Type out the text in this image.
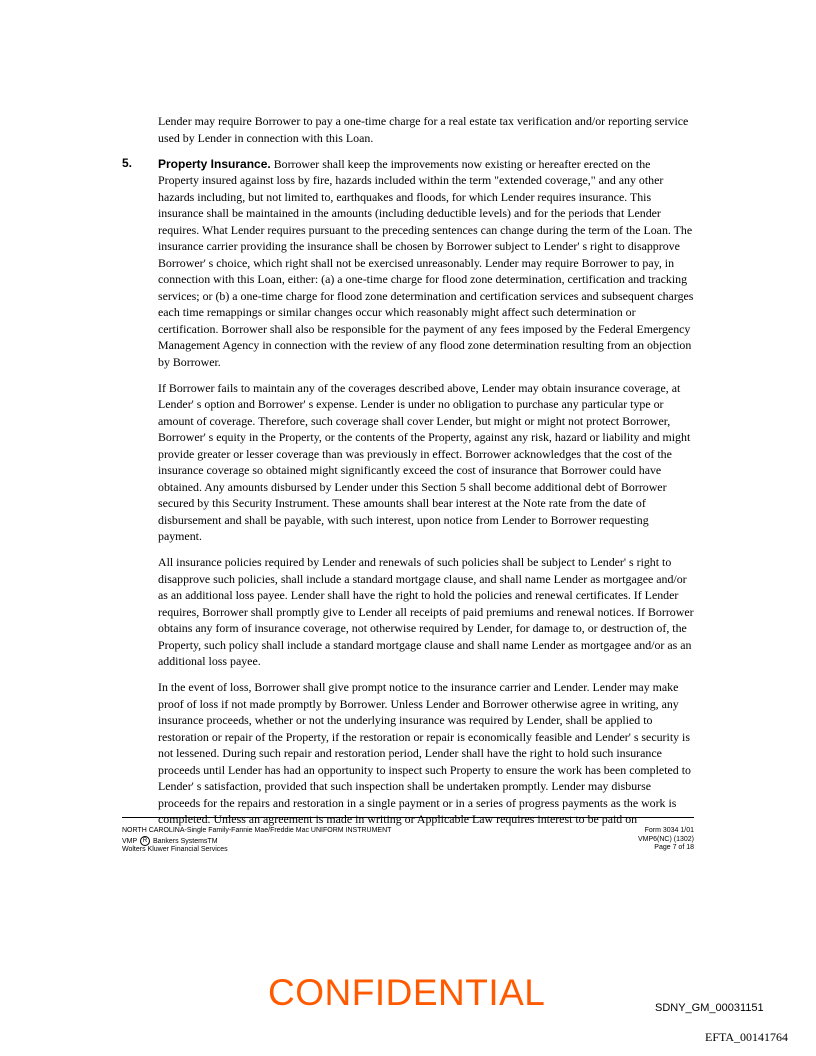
Lender may require Borrower to pay a one-time charge for a real estate tax verification and/or reporting service used by Lender in connection with this Loan.

5. Property Insurance. Borrower shall keep the improvements now existing or hereafter erected on the Property insured against loss by fire, hazards included within the term "extended coverage," and any other hazards including, but not limited to, earthquakes and floods, for which Lender requires insurance. This insurance shall be maintained in the amounts (including deductible levels) and for the periods that Lender requires. What Lender requires pursuant to the preceding sentences can change during the term of the Loan. The insurance carrier providing the insurance shall be chosen by Borrower subject to Lender' s right to disapprove Borrower' s choice, which right shall not be exercised unreasonably. Lender may require Borrower to pay, in connection with this Loan, either: (a) a one-time charge for flood zone determination, certification and tracking services; or (b) a one-time charge for flood zone determination and certification services and subsequent charges each time remappings or similar changes occur which reasonably might affect such determination or certification. Borrower shall also be responsible for the payment of any fees imposed by the Federal Emergency Management Agency in connection with the review of any flood zone determination resulting from an objection by Borrower.

If Borrower fails to maintain any of the coverages described above, Lender may obtain insurance coverage, at Lender' s option and Borrower' s expense. Lender is under no obligation to purchase any particular type or amount of coverage. Therefore, such coverage shall cover Lender, but might or might not protect Borrower, Borrower' s equity in the Property, or the contents of the Property, against any risk, hazard or liability and might provide greater or lesser coverage than was previously in effect. Borrower acknowledges that the cost of the insurance coverage so obtained might significantly exceed the cost of insurance that Borrower could have obtained. Any amounts disbursed by Lender under this Section 5 shall become additional debt of Borrower secured by this Security Instrument. These amounts shall bear interest at the Note rate from the date of disbursement and shall be payable, with such interest, upon notice from Lender to Borrower requesting payment.

All insurance policies required by Lender and renewals of such policies shall be subject to Lender' s right to disapprove such policies, shall include a standard mortgage clause, and shall name Lender as mortgagee and/or as an additional loss payee. Lender shall have the right to hold the policies and renewal certificates. If Lender requires, Borrower shall promptly give to Lender all receipts of paid premiums and renewal notices. If Borrower obtains any form of insurance coverage, not otherwise required by Lender, for damage to, or destruction of, the Property, such policy shall include a standard mortgage clause and shall name Lender as mortgagee and/or as an additional loss payee.

In the event of loss, Borrower shall give prompt notice to the insurance carrier and Lender. Lender may make proof of loss if not made promptly by Borrower. Unless Lender and Borrower otherwise agree in writing, any insurance proceeds, whether or not the underlying insurance was required by Lender, shall be applied to restoration or repair of the Property, if the restoration or repair is economically feasible and Lender' s security is not lessened. During such repair and restoration period, Lender shall have the right to hold such insurance proceeds until Lender has had an opportunity to inspect such Property to ensure the work has been completed to Lender' s satisfaction, provided that such inspection shall be undertaken promptly. Lender may disburse proceeds for the repairs and restoration in a single payment or in a series of progress payments as the work is completed. Unless an agreement is made in writing or Applicable Law requires interest to be paid on

NORTH CAROLINA-Single Family-Fannie Mae/Freddie Mac UNIFORM INSTRUMENT
VMP R Bankers SystemsTM
Wolters Kluwer Financial Services
Form 3034 1/01
VMP6(NC) (1302)
Page 7 of 18
CONFIDENTIAL	SDNY_GM_00031151
EFTA_00141764
